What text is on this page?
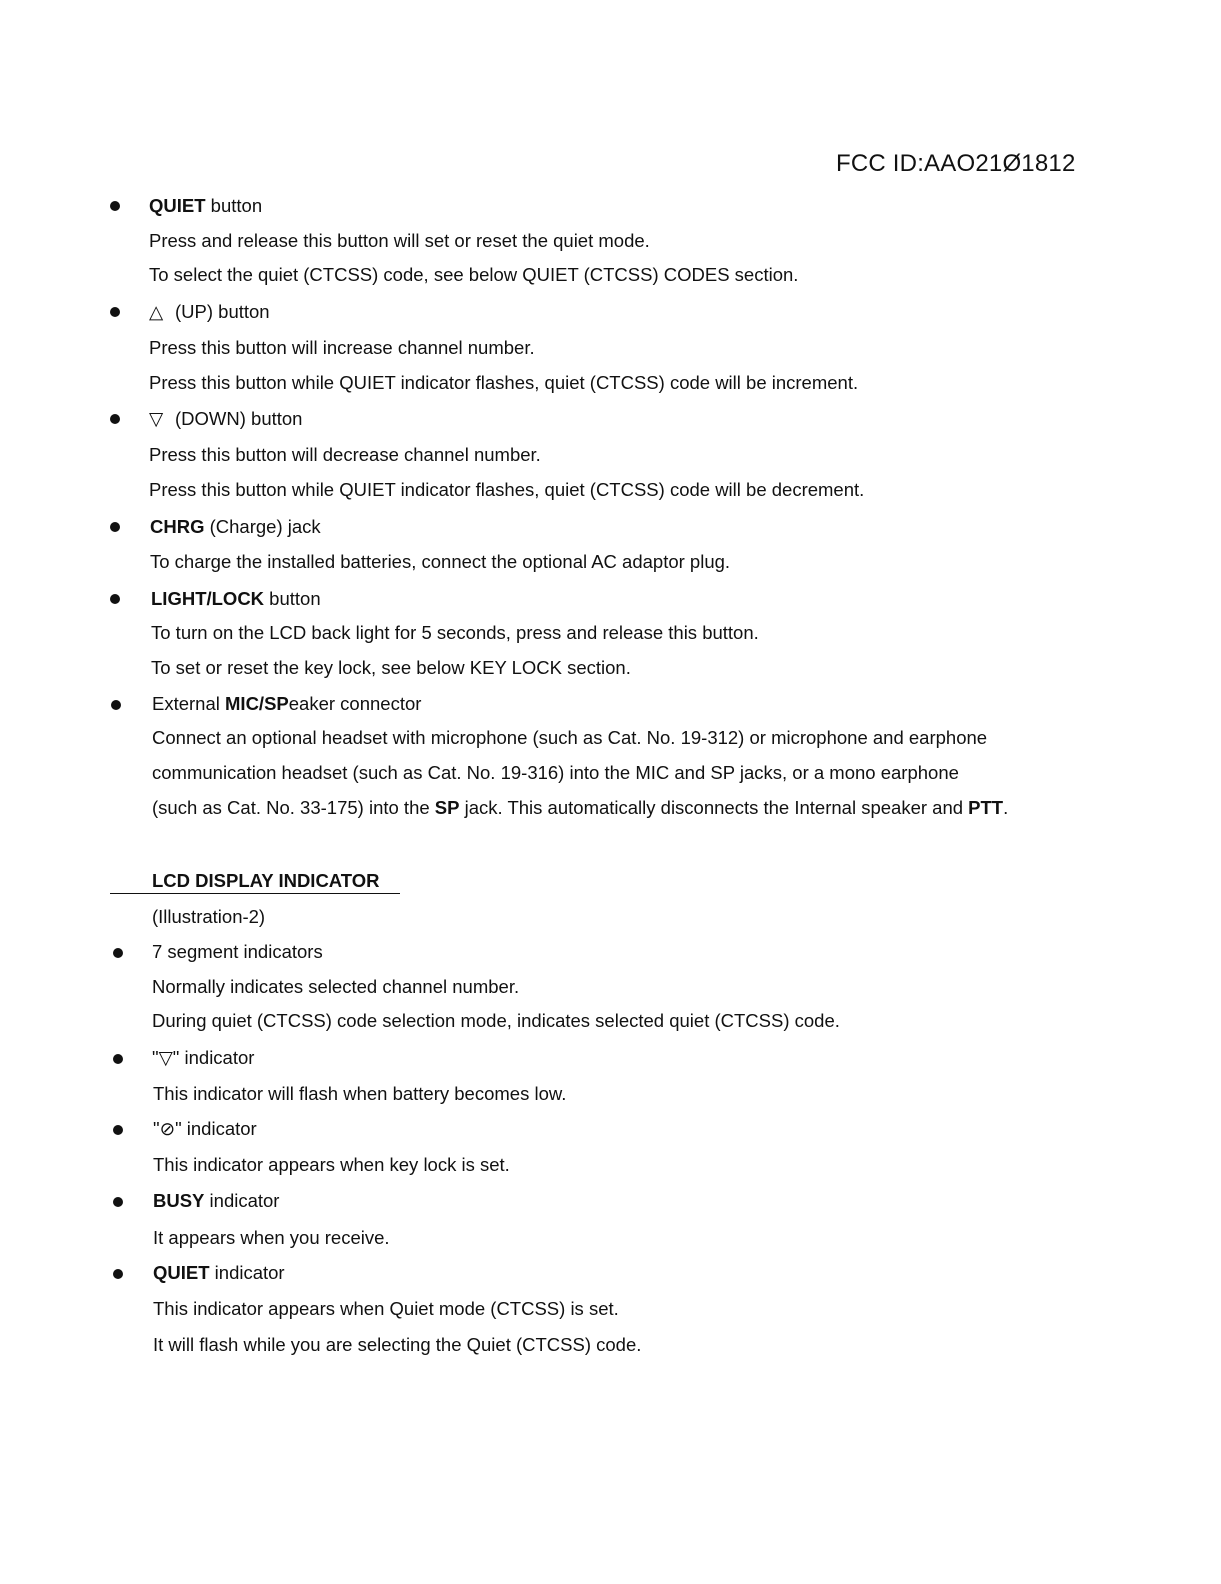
FCC ID:AAO21Ø1812
QUIET button
Press and release this button will set or reset the quiet mode.
To select the quiet (CTCSS) code, see below QUIET (CTCSS) CODES section.
△ (UP) button
Press this button will increase channel number.
Press this button while QUIET indicator flashes, quiet (CTCSS) code will be increment.
▽ (DOWN) button
Press this button will decrease channel number.
Press this button while QUIET indicator flashes, quiet (CTCSS) code will be decrement.
CHRG (Charge) jack
To charge the installed batteries, connect the optional AC adaptor plug.
LIGHT/LOCK button
To turn on the LCD back light for 5 seconds, press and release this button.
To set or reset the key lock, see below KEY LOCK section.
External MIC/SPeaker connector
Connect an optional headset with microphone (such as Cat. No. 19-312) or microphone and earphone
communication headset (such as Cat. No. 19-316) into the MIC and SP jacks, or a mono earphone
(such as Cat. No. 33-175) into the SP jack. This automatically disconnects the Internal speaker and PTT.
LCD DISPLAY INDICATOR
(Illustration-2)
7 segment indicators
Normally indicates selected channel number.
During quiet (CTCSS) code selection mode, indicates selected quiet (CTCSS) code.
"▽" indicator
This indicator will flash when battery becomes low.
"⊘" indicator
This indicator appears when key lock is set.
BUSY indicator
It appears when you receive.
QUIET indicator
This indicator appears when Quiet mode (CTCSS) is set.
It will flash while you are selecting the Quiet (CTCSS) code.
